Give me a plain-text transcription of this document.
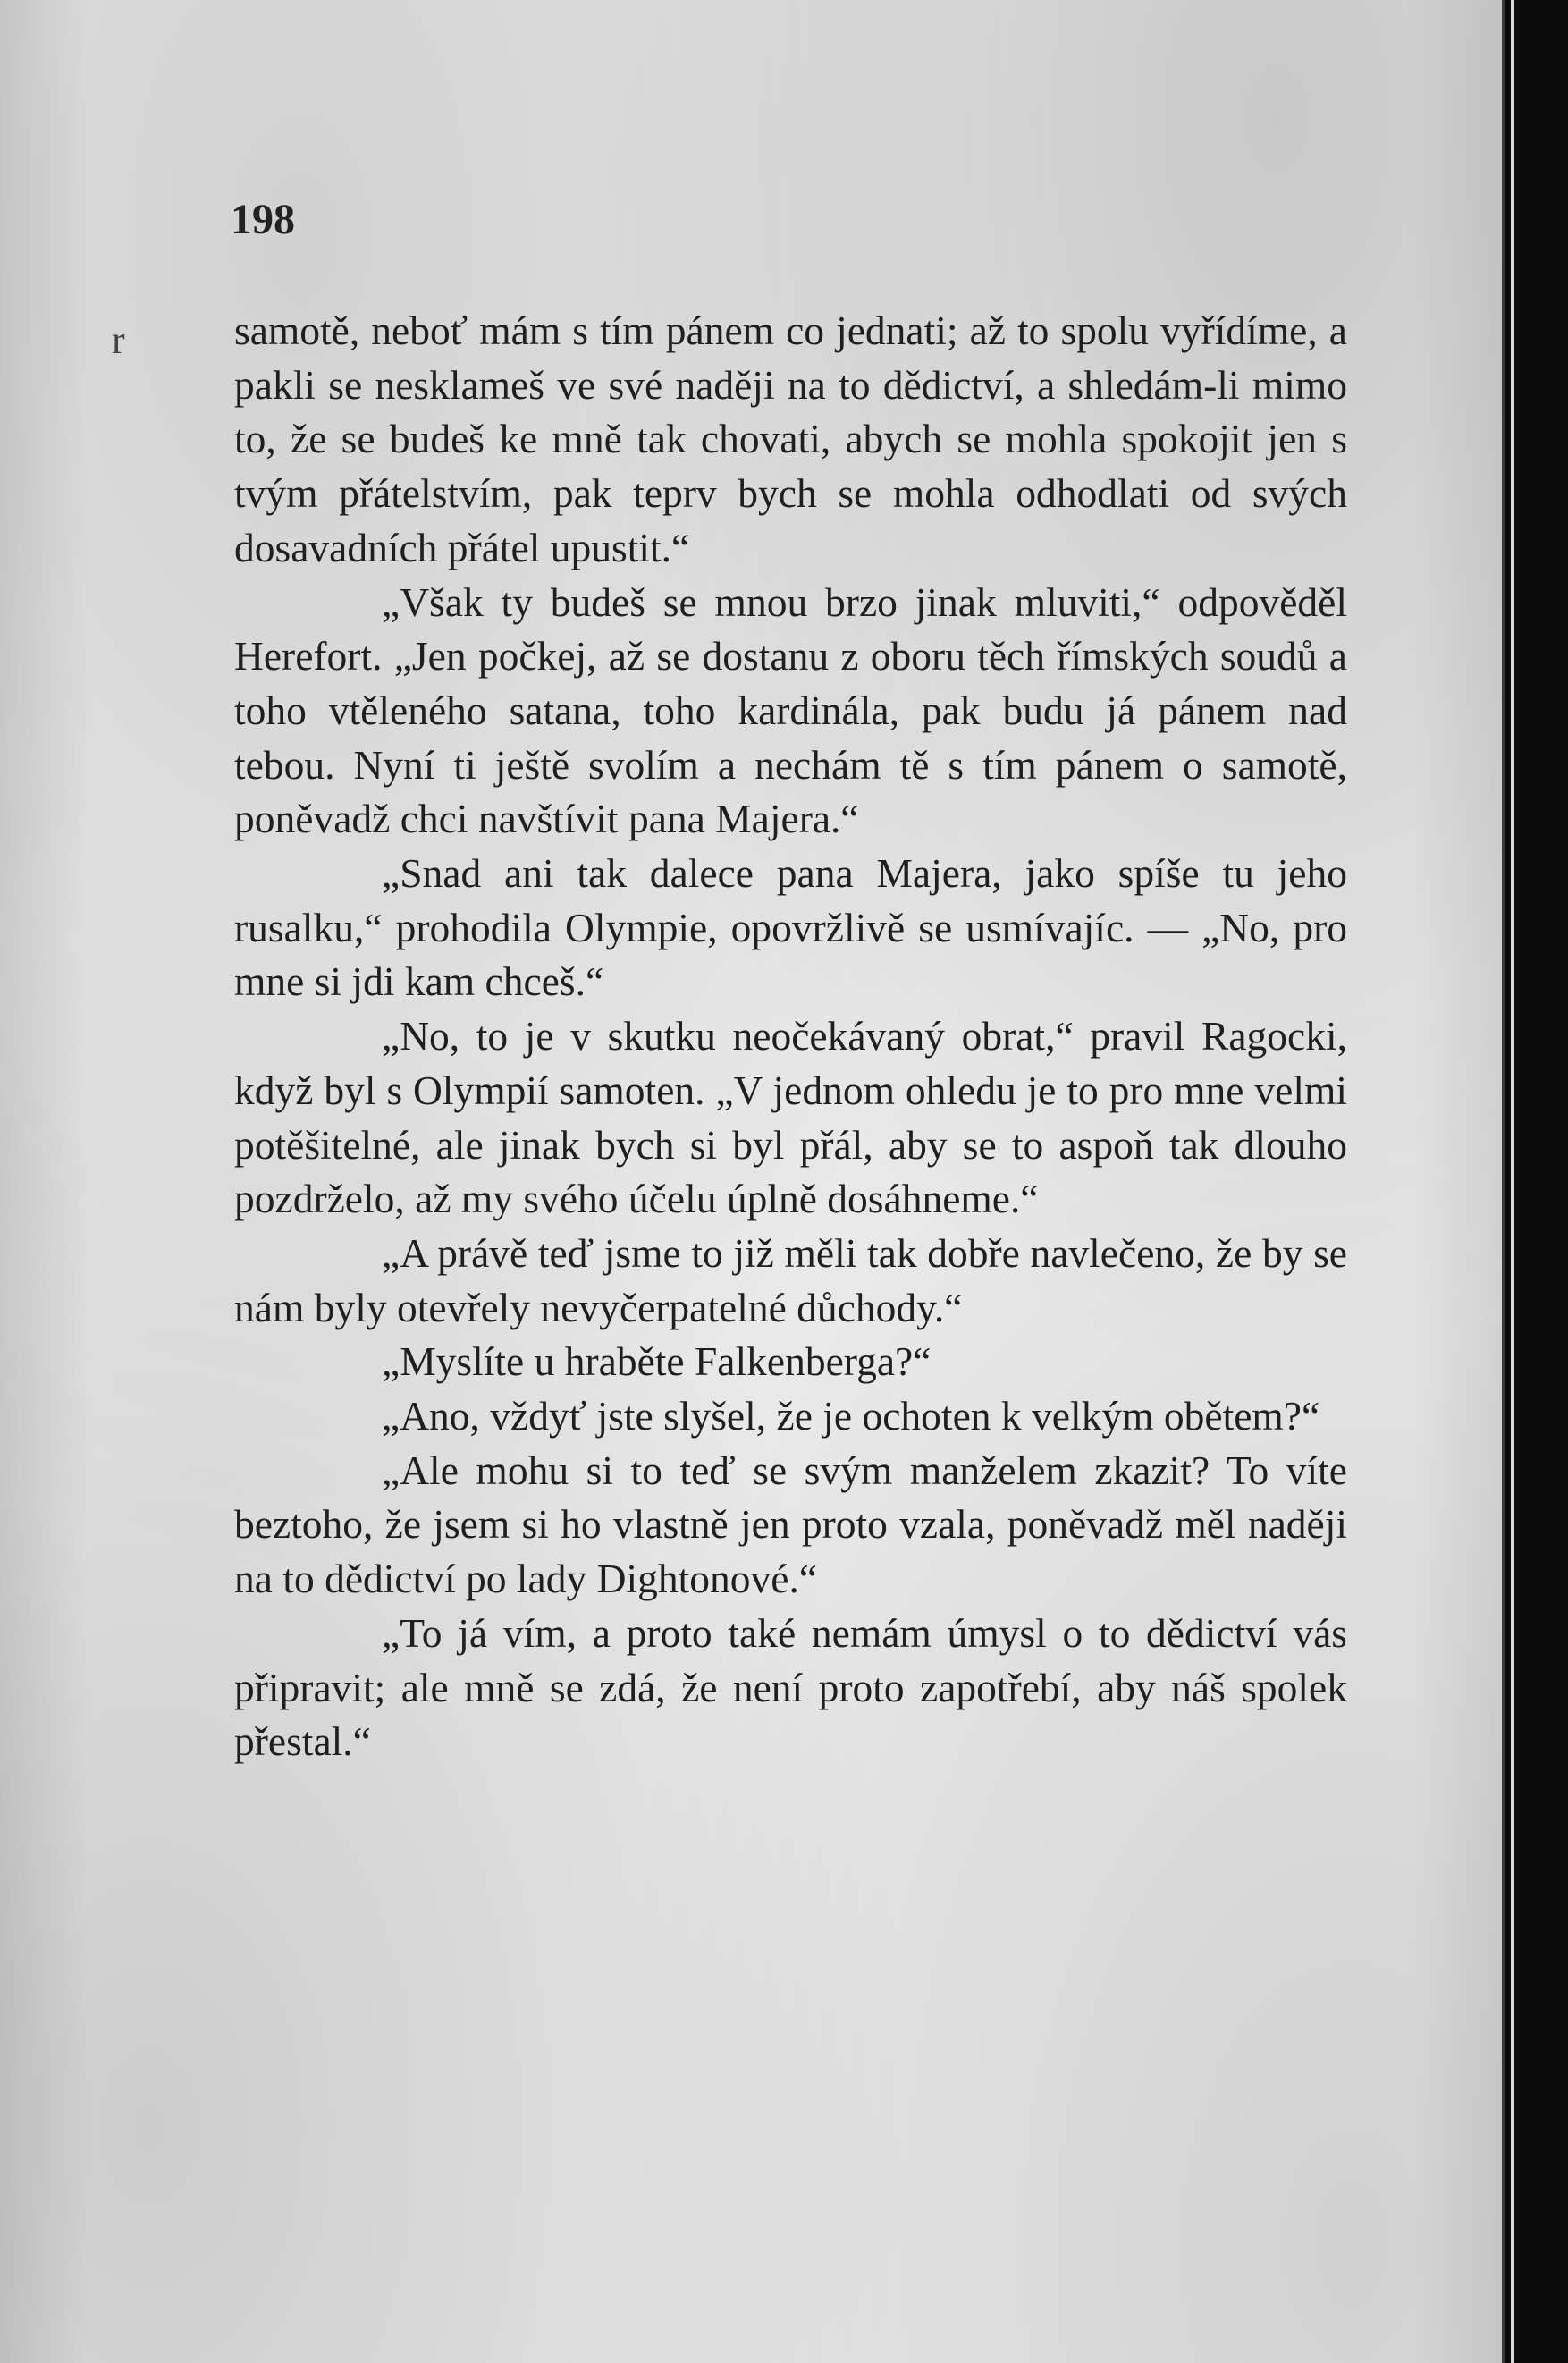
198
r	samotě, neboť mám s tím pánem co jednati; až to spolu vyřídíme, a pakli se nesklameš ve své naději na to dědictví, a shledám-li mimo to, že se budeš ke mně tak chovati, abych se mohla spokojit jen s tvým přátelstvím, pak teprv bych se mohla odhodlati od svých dosavadních přátel upustit.“

„Však ty budeš se mnou brzo jinak mluviti,“ odpověděl Herefort. „Jen počkej, až se dostanu z oboru těch římských soudů a toho vtěleného satana, toho kardinála, pak budu já pánem nad tebou. Nyní ti ještě svolím a nechám tě s tím pánem o samotě, poněvadž chci navštívit pana Majera.“

„Snad ani tak dalece pana Majera, jako spíše tu jeho rusalku,“ prohodila Olympie, opovržlivě se usmívajíc. — „No, pro mne si jdi kam chceš.“

„No, to je v skutku neočekávaný obrat,“ pravil Ragocki, když byl s Olympií samoten. „V jednom ohledu je to pro mne velmi potěšitelné, ale jinak bych si byl přál, aby se to aspoň tak dlouho pozdrželo, až my svého účelu úplně dosáhneme.“

„A právě teď jsme to již měli tak dobře navlečeno, že by se nám byly otevřely nevyčerpatelné důchody.“

„Myslíte u hraběte Falkenberga?“

„Ano, vždyť jste slyšel, že je ochoten k velkým obětem?“

„Ale mohu si to teď se svým manželem zkazit? To víte beztoho, že jsem si ho vlastně jen proto vzala, poněvadž měl naději na to dědictví po lady Dightonové.“

„To já vím, a proto také nemám úmysl o to dědictví vás připravit; ale mně se zdá, že není proto zapotřebí, aby náš spolek přestal.“
